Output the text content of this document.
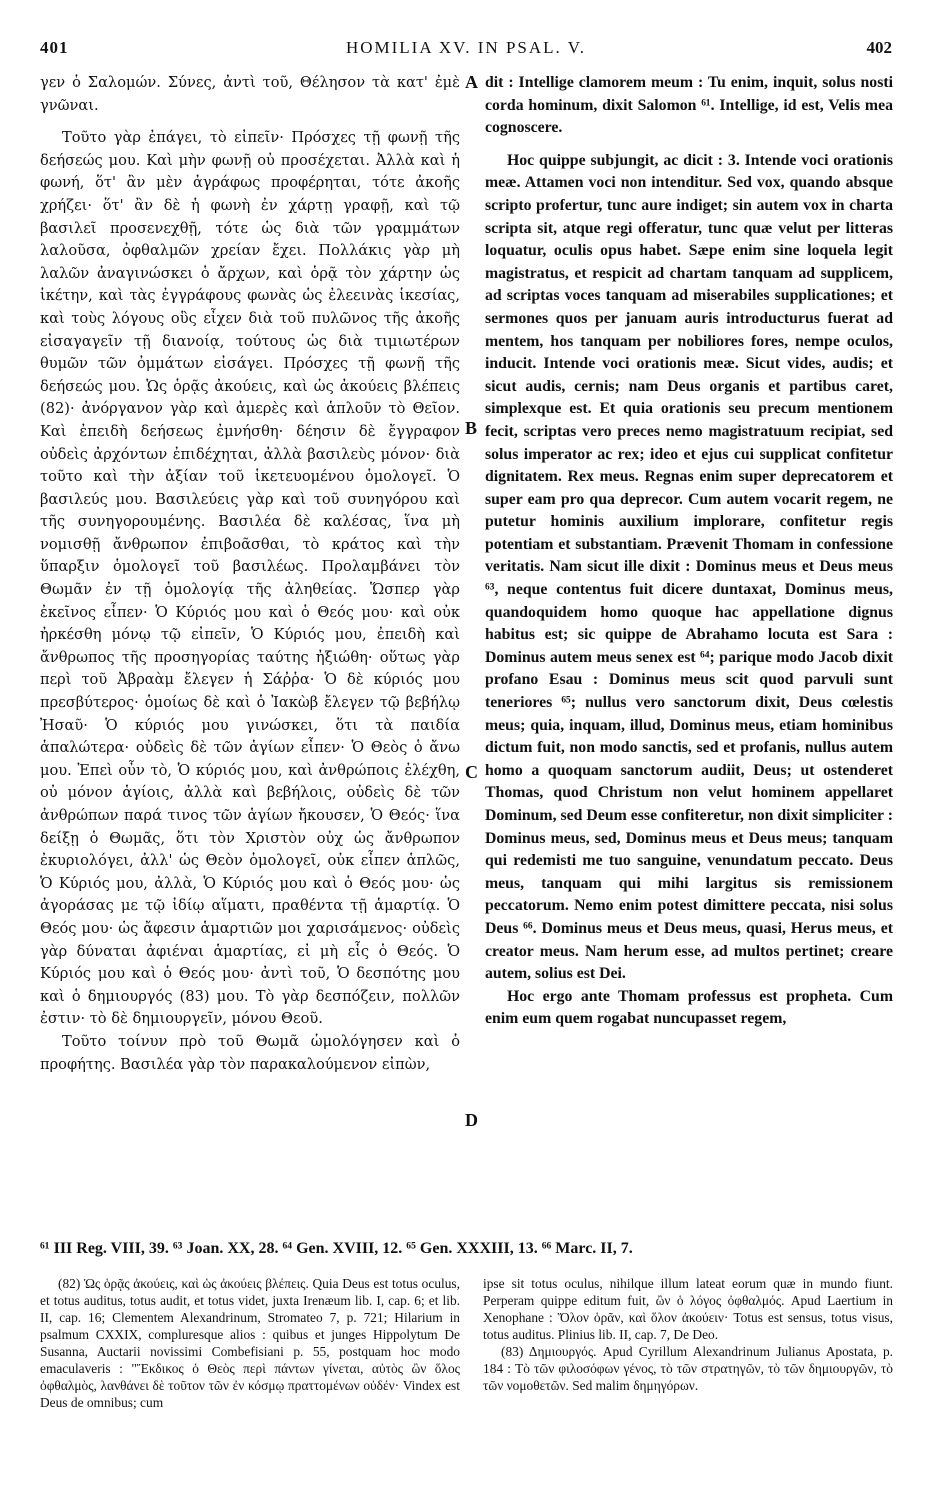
401	HOMILIA XV. IN PSAL. V.	402

γεν ὁ Σαλομών. Σύνες, ἀντὶ τοῦ, Θέλησον τὰ κατ' ἐμὲ γνῶναι.

Τοῦτο γὰρ ἐπάγει, τὸ εἰπεῖν· Πρόσχες τῇ φωνῇ τῆς δεήσεώς μου. Καὶ μὴν φωνῇ οὐ προσέχεται. Ἀλλὰ καὶ ἡ φωνή, ὅτ' ἂν μὲν ἀγράφως προφέρηται, τότε ἀκοῆς χρήζει· ὅτ' ἂν δὲ ἡ φωνὴ ἐν χάρτῃ γραφῇ, καὶ τῷ βασιλεῖ προσενεχθῇ, τότε ὡς διὰ τῶν γραμμάτων λαλοῦσα, ὀφθαλμῶν χρείαν ἔχει. Πολλάκις γὰρ μὴ λαλῶν ἀναγινώσκει ὁ ἄρχων, καὶ ὁρᾷ τὸν χάρτην ὡς ἱκέτην, καὶ τὰς ἐγγράφους φωνὰς ὡς ἐλεεινὰς ἱκεσίας, καὶ τοὺς λόγους οὓς εἶχεν διὰ τοῦ πυλῶνος τῆς ἀκοῆς εἰσαγαγεῖν τῇ διανοίᾳ, τούτους ὡς διὰ τιμιωτέρων θυμῶν τῶν ὀμμάτων εἰσάγει. Πρόσχες τῇ φωνῇ τῆς δεήσεώς μου. Ὡς ὁρᾷς ἀκούεις, καὶ ὡς ἀκούεις βλέπεις (82)· ἀνόργανον γὰρ καὶ ἀμερὲς καὶ ἁπλοῦν τὸ Θεῖον. Καὶ ἐπειδὴ δεήσεως ἐμνήσθη· δέησιν δὲ ἔγγραφον οὐδεὶς ἀρχόντων ἐπιδέχηται, ἀλλὰ βασιλεὺς μόνον· διὰ τοῦτο καὶ τὴν ἀξίαν τοῦ ἱκετευομένου ὁμολογεῖ. Ὁ βασιλεύς μου. Βασιλεύεις γὰρ καὶ τοῦ συνηγόρου καὶ τῆς συνηγορουμένης. Βασιλέα δὲ καλέσας, ἵνα μὴ νομισθῇ ἄνθρωπον ἐπιβοᾶσθαι, τὸ κράτος καὶ τὴν ὕπαρξιν ὁμολογεῖ τοῦ βασιλέως. Προλαμβάνει τὸν Θωμᾶν ἐν τῇ ὁμολογίᾳ τῆς ἀληθείας. Ὥσπερ γὰρ ἐκεῖνος εἶπεν· Ὁ Κύριός μου καὶ ὁ Θεός μου· καὶ οὐκ ἠρκέσθη μόνῳ τῷ εἰπεῖν, Ὁ Κύριός μου, ἐπειδὴ καὶ ἄνθρωπος τῆς προσηγορίας ταύτης ἠξιώθη· οὕτως γὰρ περὶ τοῦ Ἀβραὰμ ἔλεγεν ἡ Σάῤῥα· Ὁ δὲ κύριός μου πρεσβύτερος· ὁμοίως δὲ καὶ ὁ Ἰακὼβ ἔλεγεν τῷ βεβήλῳ Ἠσαῦ· Ὁ κύριός μου γινώσκει, ὅτι τὰ παιδία ἁπαλώτερα· οὐδεὶς δὲ τῶν ἁγίων εἶπεν· Ὁ Θεὸς ὁ ἄνω μου. Ἐπεὶ οὖν τὸ, Ὁ κύριός μου, καὶ ἀνθρώποις ἐλέχθη, οὐ μόνον ἁγίοις, ἀλλὰ καὶ βεβήλοις, οὐδεὶς δὲ τῶν ἀνθρώπων παρά τινος τῶν ἁγίων ἤκουσεν, Ὁ Θεός· ἵνα δείξῃ ὁ Θωμᾶς, ὅτι τὸν Χριστὸν οὐχ ὡς ἄνθρωπον ἐκυριολόγει, ἀλλ' ὡς Θεὸν ὁμολογεῖ, οὐκ εἶπεν ἁπλῶς, Ὁ Κύριός μου, ἀλλὰ, Ὁ Κύριός μου καὶ ὁ Θεός μου· ὡς ἀγοράσας με τῷ ἰδίῳ αἵματι, πραθέντα τῇ ἁμαρτίᾳ. Ὁ Θεός μου· ὡς ἄφεσιν ἁμαρτιῶν μοι χαρισάμενος· οὐδεὶς γὰρ δύναται ἀφιέναι ἁμαρτίας, εἰ μὴ εἷς ὁ Θεός. Ὁ Κύριός μου καὶ ὁ Θεός μου· ἀντὶ τοῦ, Ὁ δεσπότης μου καὶ ὁ δημιουργός (83) μου. Τὸ γὰρ δεσπόζειν, πολλῶν ἐστιν· τὸ δὲ δημιουργεῖν, μόνου Θεοῦ.

Τοῦτο τοίνυν πρὸ τοῦ Θωμᾶ ὡμολόγησεν καὶ ὁ προφήτης. Βασιλέα γὰρ τὸν παρακαλούμενον εἰπὼν,

A
B
C
D

dit : Intellige clamorem meum : Tu enim, inquit, solus nosti corda hominum, dixit Salomon ⁶¹. Intellige, id est, Velis mea cognoscere.

Hoc quippe subjungit, ac dicit : 3. Intende voci orationis meæ. Attamen voci non intenditur. Sed vox, quando absque scripto profertur, tunc aure indiget; sin autem vox in charta scripta sit, atque regi offeratur, tunc quæ velut per litteras loquatur, oculis opus habet. Sæpe enim sine loquela legit magistratus, et respicit ad chartam tanquam ad supplicem, ad scriptas voces tanquam ad miserabiles supplicationes; et sermones quos per januam auris introducturus fuerat ad mentem, hos tanquam per nobiliores fores, nempe oculos, inducit. Intende voci orationis meæ. Sicut vides, audis; et sicut audis, cernis; nam Deus organis et partibus caret, simplexque est. Et quia orationis seu precum mentionem fecit, scriptas vero preces nemo magistratuum recipiat, sed solus imperator ac rex; ideo et ejus cui supplicat confitetur dignitatem. Rex meus. Regnas enim super deprecatorem et super eam pro qua deprecor. Cum autem vocarit regem, ne putetur hominis auxilium implorare, confitetur regis potentiam et substantiam. Prævenit Thomam in confessione veritatis. Nam sicut ille dixit : Dominus meus et Deus meus ⁶³, neque contentus fuit dicere duntaxat, Dominus meus, quandoquidem homo quoque hac appellatione dignus habitus est; sic quippe de Abrahamo locuta est Sara : Dominus autem meus senex est ⁶⁴; parique modo Jacob dixit profano Esau : Dominus meus scit quod parvuli sunt teneriores ⁶⁵; nullus vero sanctorum dixit, Deus cœlestis meus; quia, inquam, illud, Dominus meus, etiam hominibus dictum fuit, non modo sanctis, sed et profanis, nullus autem homo a quoquam sanctorum audiit, Deus; ut ostenderet Thomas, quod Christum non velut hominem appellaret Dominum, sed Deum esse confiteretur, non dixit simpliciter : Dominus meus, sed, Dominus meus et Deus meus; tanquam qui redemisti me tuo sanguine, venundatum peccato. Deus meus, tanquam qui mihi largitus sis remissionem peccatorum. Nemo enim potest dimittere peccata, nisi solus Deus ⁶⁶. Dominus meus et Deus meus, quasi, Herus meus, et creator meus. Nam herum esse, ad multos pertinet; creare autem, solius est Dei.

Hoc ergo ante Thomam professus est propheta. Cum enim eum quem rogabat nuncupasset regem,

⁶¹ III Reg. VIII, 39. ⁶³ Joan. XX, 28. ⁶⁴ Gen. XVIII, 12. ⁶⁵ Gen. XXXIII, 13. ⁶⁶ Marc. II, 7.

(82) Ὡς ὁρᾷς ἀκούεις, καὶ ὡς ἀκούεις βλέπεις. Quia Deus est totus oculus, et totus auditus, totus audit, et totus videt, juxta Irenæum lib. I, cap. 6; et lib. II, cap. 16; Clementem Alexandrinum, Stromateo 7, p. 721; Hilarium in psalmum CXXIX, compluresque alios : quibus et junges Hippolytum De Susanna, Auctarii novissimi Combefisiani p. 55, postquam hoc modo emaculaveris : "Ἔκδικος ὁ Θεὸς περὶ πάντων γίνεται, αὐτὸς ὢν ὅλος ὀφθαλμὸς, λανθάνει δὲ τοῦτον τῶν ἐν κόσμῳ πραττομένων οὐδέν· Vindex est Deus de omnibus; cum

ipse sit totus oculus, nihilque illum lateat eorum quæ in mundo fiunt. Perperam quippe editum fuit, ὢν ὁ λόγος ὀφθαλμός. Apud Laertium in Xenophane : Ὅλον ὁρᾶν, καὶ ὅλον ἀκούειν· Totus est sensus, totus visus, totus auditus. Plinius lib. II, cap. 7, De Deo.

(83) Δημιουργός. Apud Cyrillum Alexandrinum Julianus Apostata, p. 184 : Τὸ τῶν φιλοσόφων γένος, τὸ τῶν στρατηγῶν, τὸ τῶν δημιουργῶν, τὸ τῶν νομοθετῶν. Sed malim δημηγόρων.
